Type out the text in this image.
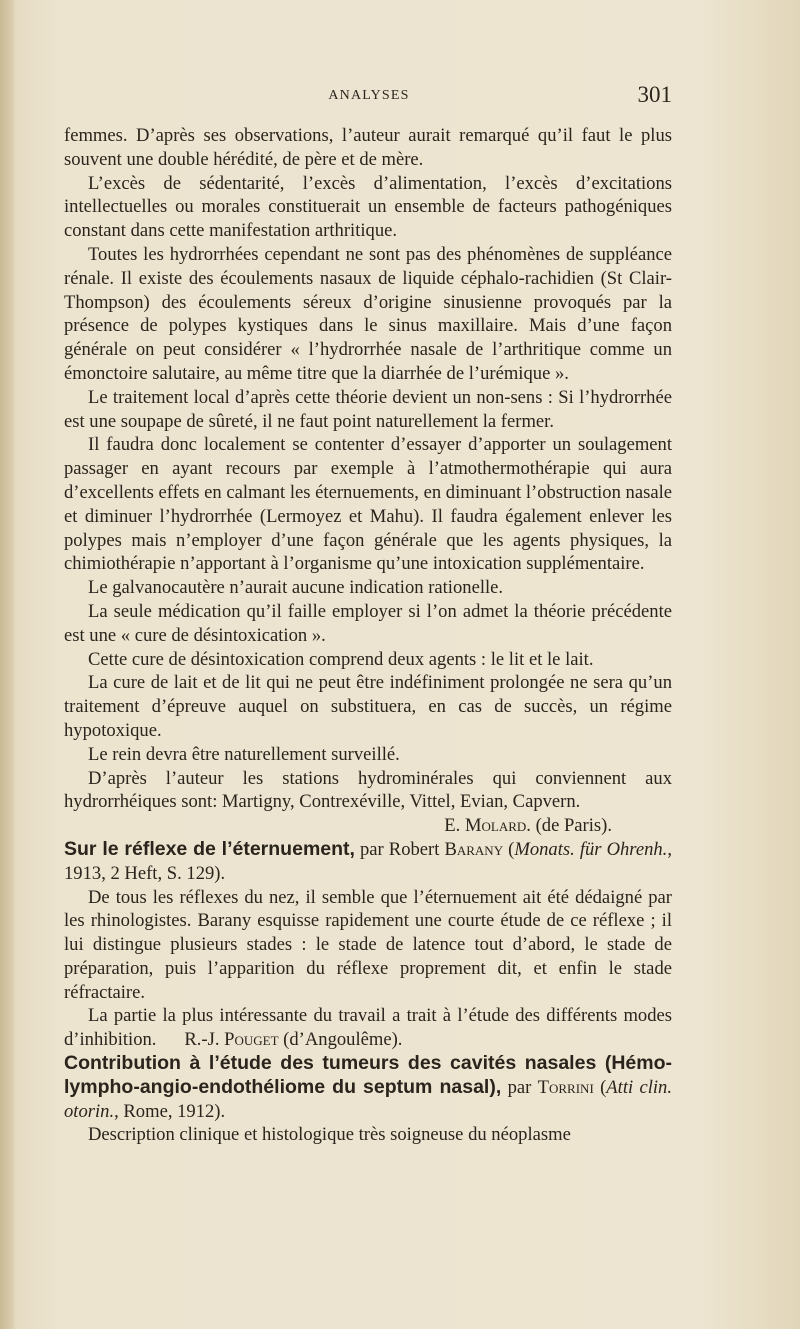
ANALYSES	301

femmes. D’après ses observations, l’auteur aurait remarqué qu’il faut le plus souvent une double hérédité, de père et de mère.

L’excès de sédentarité, l’excès d’alimentation, l’excès d’excitations intellectuelles ou morales constituerait un ensemble de facteurs pathogéniques constant dans cette manifestation arthritique.

Toutes les hydrorrhées cependant ne sont pas des phénomènes de suppléance rénale. Il existe des écoulements nasaux de liquide céphalo-rachidien (St Clair-Thompson) des écoulements séreux d’origine sinusienne provoqués par la présence de polypes kystiques dans le sinus maxillaire. Mais d’une façon générale on peut considérer « l’hydrorrhée nasale de l’arthritique comme un émonctoire salutaire, au même titre que la diarrhée de l’urémique ».

Le traitement local d’après cette théorie devient un non-sens : Si l’hydrorrhée est une soupape de sûreté, il ne faut point naturellement la fermer.

Il faudra donc localement se contenter d’essayer d’apporter un soulagement passager en ayant recours par exemple à l’atmothermothérapie qui aura d’excellents effets en calmant les éternuements, en diminuant l’obstruction nasale et diminuer l’hydrorrhée (Lermoyez et Mahu). Il faudra également enlever les polypes mais n’employer d’une façon générale que les agents physiques, la chimiothérapie n’apportant à l’organisme qu’une intoxication supplémentaire.

Le galvanocautère n’aurait aucune indication rationelle.

La seule médication qu’il faille employer si l’on admet la théorie précédente est une « cure de désintoxication ».

Cette cure de désintoxication comprend deux agents : le lit et le lait.

La cure de lait et de lit qui ne peut être indéfiniment prolongée ne sera qu’un traitement d’épreuve auquel on substituera, en cas de succès, un régime hypotoxique.

Le rein devra être naturellement surveillé.

D’après l’auteur les stations hydrominérales qui conviennent aux hydrorrhéiques sont: Martigny, Contrexéville, Vittel, Evian, Capvern.

E. Molard. (de Paris).

Sur le réflexe de l’éternuement, par Robert Barany (Monats. für Ohrenh., 1913, 2 Heft, S. 129).

De tous les réflexes du nez, il semble que l’éternuement ait été dédaigné par les rhinologistes. Barany esquisse rapidement une courte étude de ce réflexe ; il lui distingue plusieurs stades : le stade de latence tout d’abord, le stade de préparation, puis l’apparition du réflexe proprement dit, et enfin le stade réfractaire.

La partie la plus intéressante du travail a trait à l’étude des différents modes d’inhibition. R.-J. Pouget (d’Angoulême).

Contribution à l’étude des tumeurs des cavités nasales (Hémo-lympho-angio-endothéliome du septum nasal), par Torrini (Atti clin. otorin., Rome, 1912).

Description clinique et histologique très soigneuse du néoplasme
